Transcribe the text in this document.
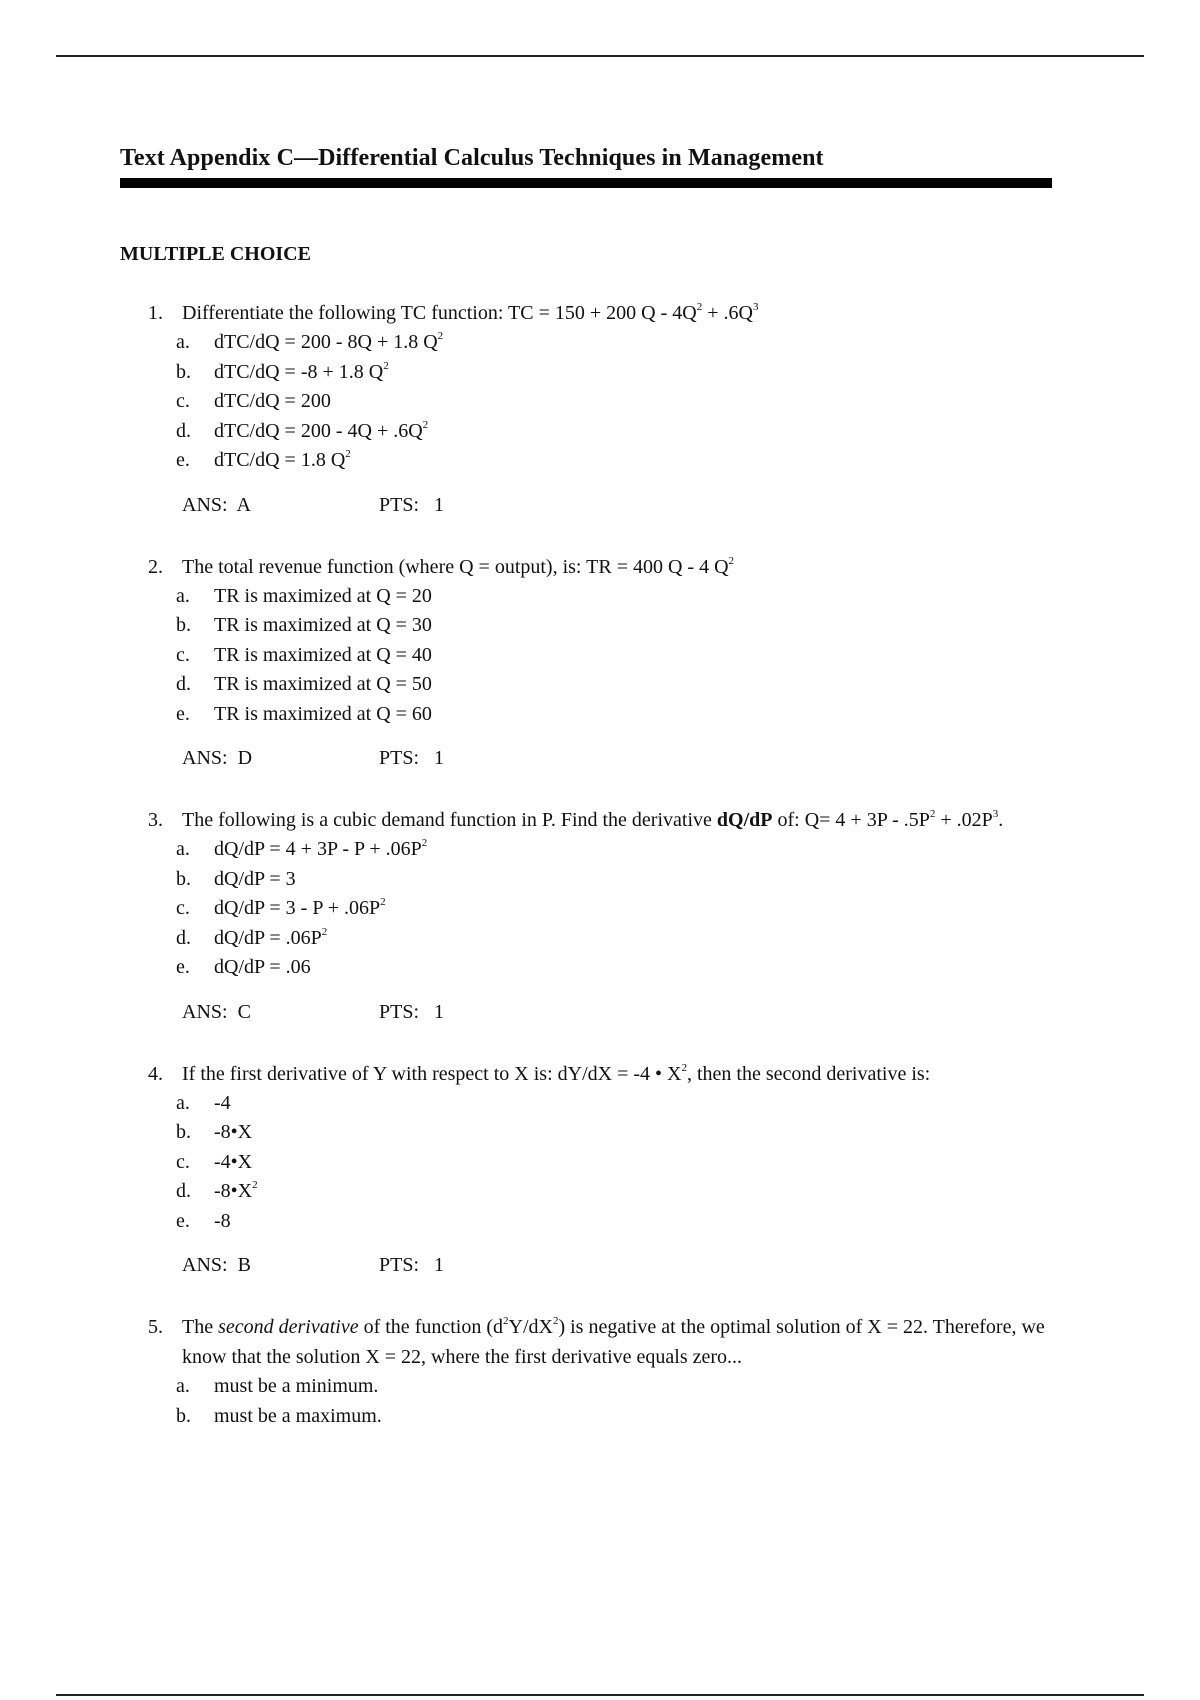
Text Appendix C—Differential Calculus Techniques in Management
MULTIPLE CHOICE
1. Differentiate the following TC function: TC = 150 + 200 $Q - 4Q^2 + .6Q^3$
a. dTC/dQ = 200 - 8Q + 1.8 $Q^2$
b. dTC/dQ = -8 + 1.8 $Q^2$
c. dTC/dQ = 200
d. $dTC/dQ = 200 - 4Q + .6Q^2$
e. dTC/dQ = 1.8 $Q^2$
ANS: A	PTS: 1
2. The total revenue function (where Q = output), is: TR = 400 Q - 4 $Q^2$
a. TR is maximized at Q = 20
b. TR is maximized at Q = 30
c. TR is maximized at Q = 40
d. TR is maximized at Q = 50
e. TR is maximized at Q = 60
ANS: D	PTS: 1
3. The following is a cubic demand function in P. Find the derivative dQ/dP of: $Q= 4 + 3P - .5P^2 + .02P^3$.
a. $dQ/dP = 4 + 3P - P + .06P^2$
b. dQ/dP = 3
c. $dQ/dP = 3 - P + .06P^2$
d. $dQ/dP = .06P^2$
e. dQ/dP = .06
ANS: C	PTS: 1
4. If the first derivative of Y with respect to X is: dY/dX = -4 • $X^2$, then the second derivative is:
a. -4
b. -8•X
c. -4•X
d. $-8•X^2$
e. -8
ANS: B	PTS: 1
5. The second derivative of the function $(d^2Y/dX^2)$ is negative at the optimal solution of X = 22. Therefore, we know that the solution X = 22, where the first derivative equals zero...
a. must be a minimum.
b. must be a maximum.
